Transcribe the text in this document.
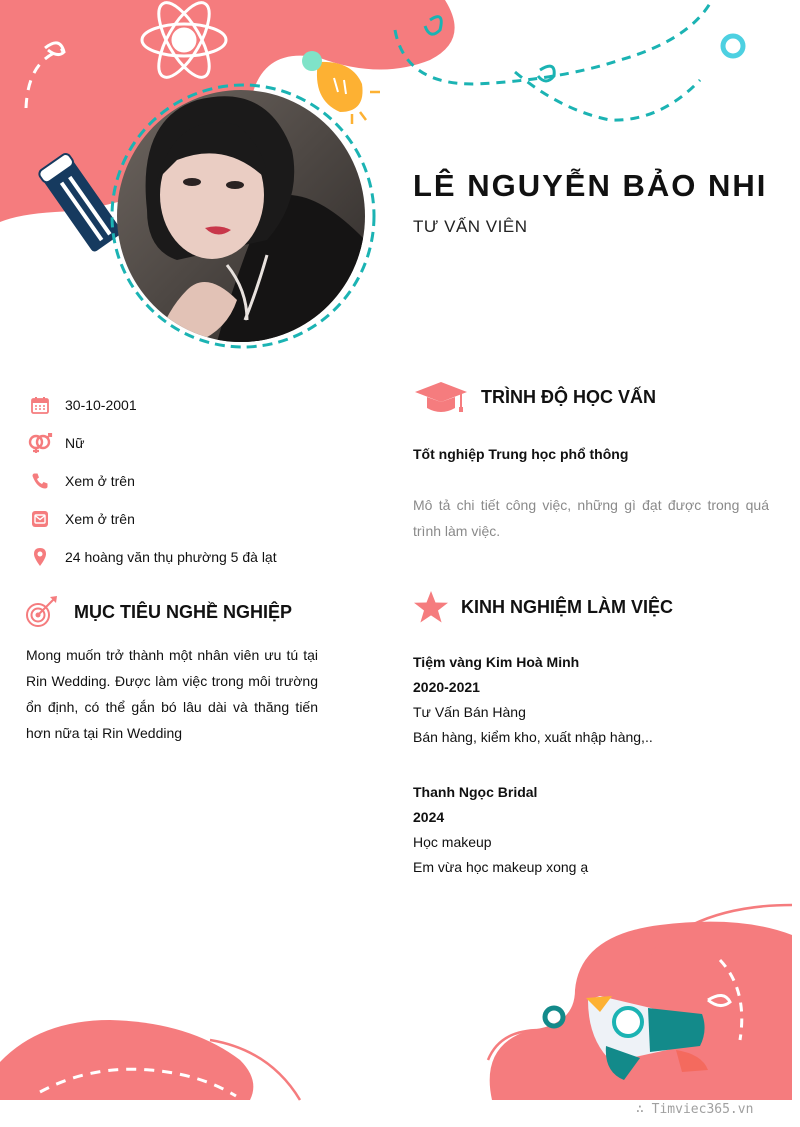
LÊ NGUYỄN BẢO NHI
TƯ VẤN VIÊN
30-10-2001
Nữ
Xem ở trên
Xem ở trên
24 hoàng văn thụ phường 5 đà lạt
MỤC TIÊU NGHỀ NGHIỆP
Mong muốn trở thành một nhân viên ưu tú tại Rin Wedding. Được làm việc trong môi trường ổn định, có thể gắn bó lâu dài và thăng tiến hơn nữa tại Rin Wedding
TRÌNH ĐỘ HỌC VẤN
Tốt nghiệp Trung học phổ thông
Mô tả chi tiết công việc, những gì đạt được trong quá trình làm việc.
KINH NGHIỆM LÀM VIỆC
Tiệm vàng Kim Hoà Minh
2020-2021
Tư Vấn Bán Hàng
Bán hàng, kiểm kho, xuất nhập hàng,..
Thanh Ngọc Bridal
2024
Học makeup
Em vừa học makeup xong ạ
∴ Timviec365.vn
